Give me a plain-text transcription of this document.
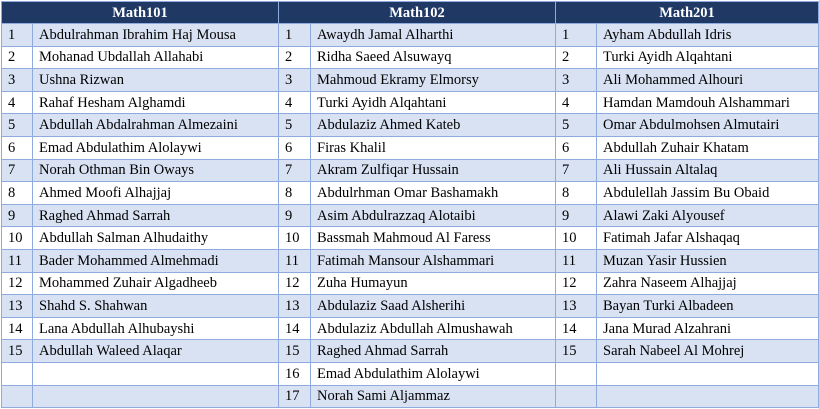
Math101		Math102		Math201	
1	Abdulrahman Ibrahim Haj Mousa	1	Awaydh Jamal Alharthi	1	Ayham Abdullah Idris
2	Mohanad Ubdallah Allahabi	2	Ridha Saeed Alsuwayq	2	Turki Ayidh Alqahtani
3	Ushna Rizwan	3	Mahmoud Ekramy Elmorsy	3	Ali Mohammed Alhouri
4	Rahaf Hesham Alghamdi	4	Turki Ayidh Alqahtani	4	Hamdan Mamdouh Alshammari
5	Abdullah Abdalrahman Almezaini	5	Abdulaziz Ahmed Kateb	5	Omar Abdulmohsen Almutairi
6	Emad Abdulathim Alolaywi	6	Firas Khalil	6	Abdullah Zuhair Khatam
7	Norah Othman Bin Oways	7	Akram Zulfiqar Hussain	7	Ali Hussain Altalaq
8	Ahmed Moofi Alhajjaj	8	Abdulrhman Omar Bashamakh	8	Abdulellah Jassim Bu Obaid
9	Raghed Ahmad Sarrah	9	Asim Abdulrazzaq Alotaibi	9	Alawi Zaki Alyousef
10	Abdullah Salman Alhudaithy	10	Bassmah Mahmoud Al Faress	10	Fatimah Jafar Alshaqaq
11	Bader Mohammed Almehmadi	11	Fatimah Mansour Alshammari	11	Muzan Yasir Hussien
12	Mohammed Zuhair Algadheeb	12	Zuha Humayun	12	Zahra Naseem Alhajjaj
13	Shahd S. Shahwan	13	Abdulaziz Saad Alsherihi	13	Bayan Turki Albadeen
14	Lana Abdullah Alhubayshi	14	Abdulaziz Abdullah Almushawah	14	Jana Murad Alzahrani
15	Abdullah Waleed Alaqar	15	Raghed Ahmad Sarrah	15	Sarah Nabeel Al Mohrej
		16	Emad Abdulathim Alolaywi		
		17	Norah Sami Aljammaz		
